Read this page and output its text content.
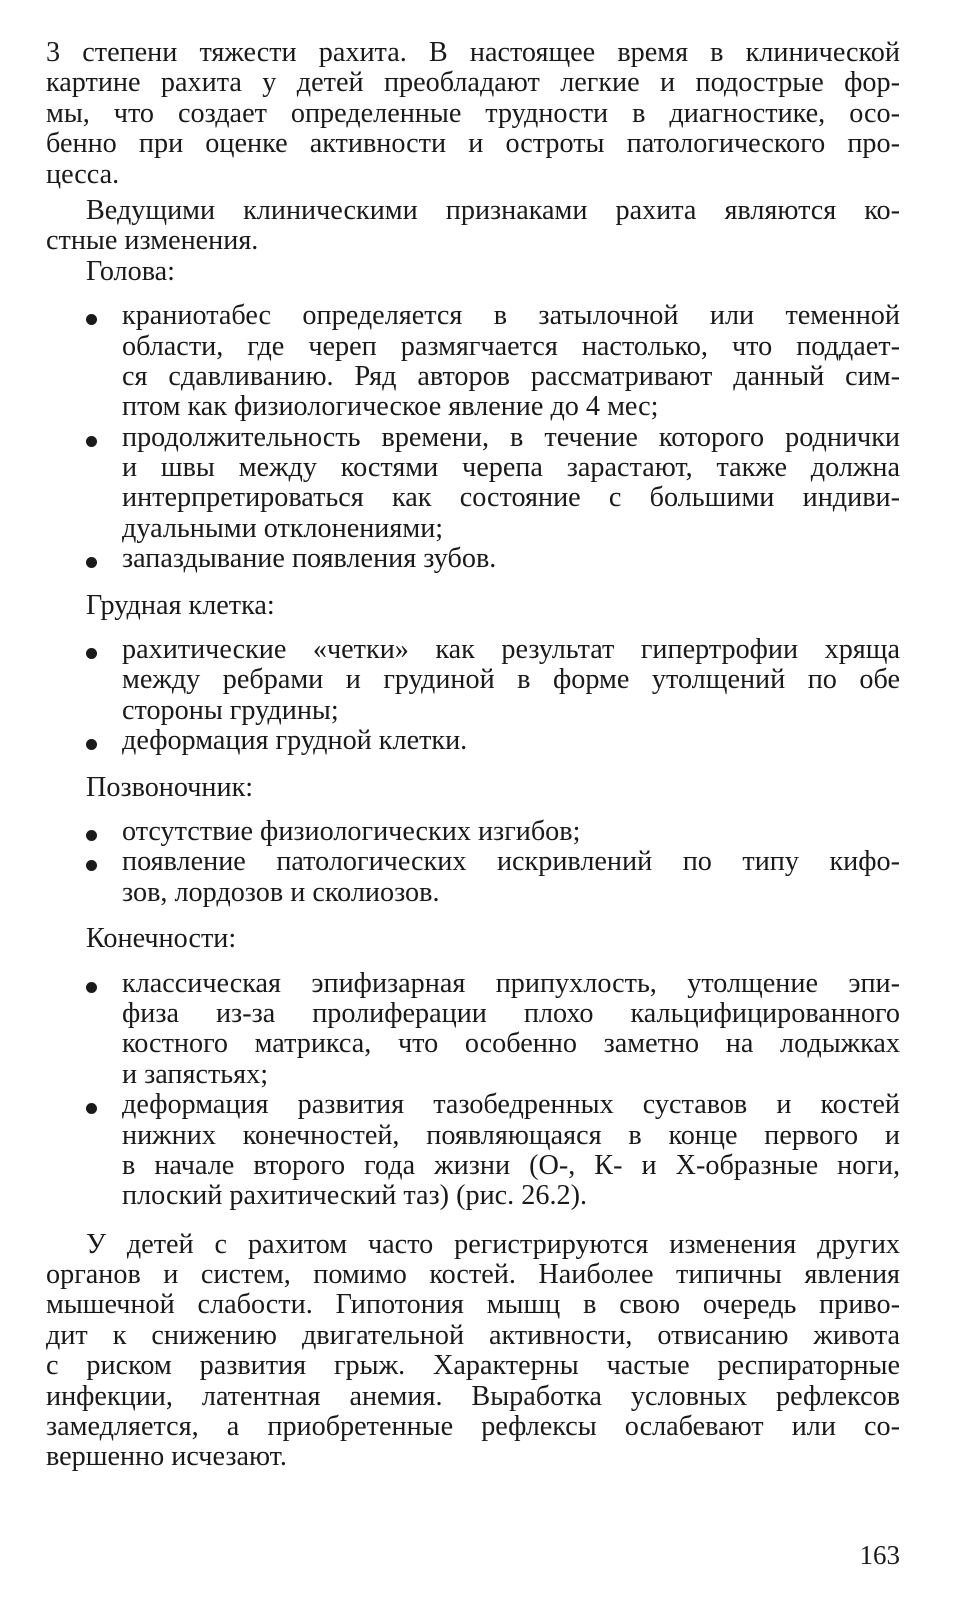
3 степени тяжести рахита. В настоящее время в клинической
картине рахита у детей преобладают легкие и подострые фор-
мы, что создает определенные трудности в диагностике, осо-
бенно при оценке активности и остроты патологического про-
цесса.
Ведущими клиническими признаками рахита являются ко-
стные изменения.
Голова:
краниотабес определяется в затылочной или теменной
области, где череп размягчается настолько, что поддает-
ся сдавливанию. Ряд авторов рассматривают данный сим-
птом как физиологическое явление до 4 мес;
продолжительность времени, в течение которого роднички
и швы между костями черепа зарастают, также должна
интерпретироваться как состояние с большими индиви-
дуальными отклонениями;
запаздывание появления зубов.
Грудная клетка:
рахитические «четки» как результат гипертрофии хряща
между ребрами и грудиной в форме утолщений по обе
стороны грудины;
деформация грудной клетки.
Позвоночник:
отсутствие физиологических изгибов;
появление патологических искривлений по типу кифо-
зов, лордозов и сколиозов.
Конечности:
классическая эпифизарная припухлость, утолщение эпи-
физа из-за пролиферации плохо кальцифицированного
костного матрикса, что особенно заметно на лодыжках
и запястьях;
деформация развития тазобедренных суставов и костей
нижних конечностей, появляющаяся в конце первого и
в начале второго года жизни (О-, К- и Х-образные ноги,
плоский рахитический таз) (рис. 26.2).
У детей с рахитом часто регистрируются изменения других
органов и систем, помимо костей. Наиболее типичны явления
мышечной слабости. Гипотония мышц в свою очередь приво-
дит к снижению двигательной активности, отвисанию живота
с риском развития грыж. Характерны частые респираторные
инфекции, латентная анемия. Выработка условных рефлексов
замедляется, а приобретенные рефлексы ослабевают или со-
вершенно исчезают.
163
